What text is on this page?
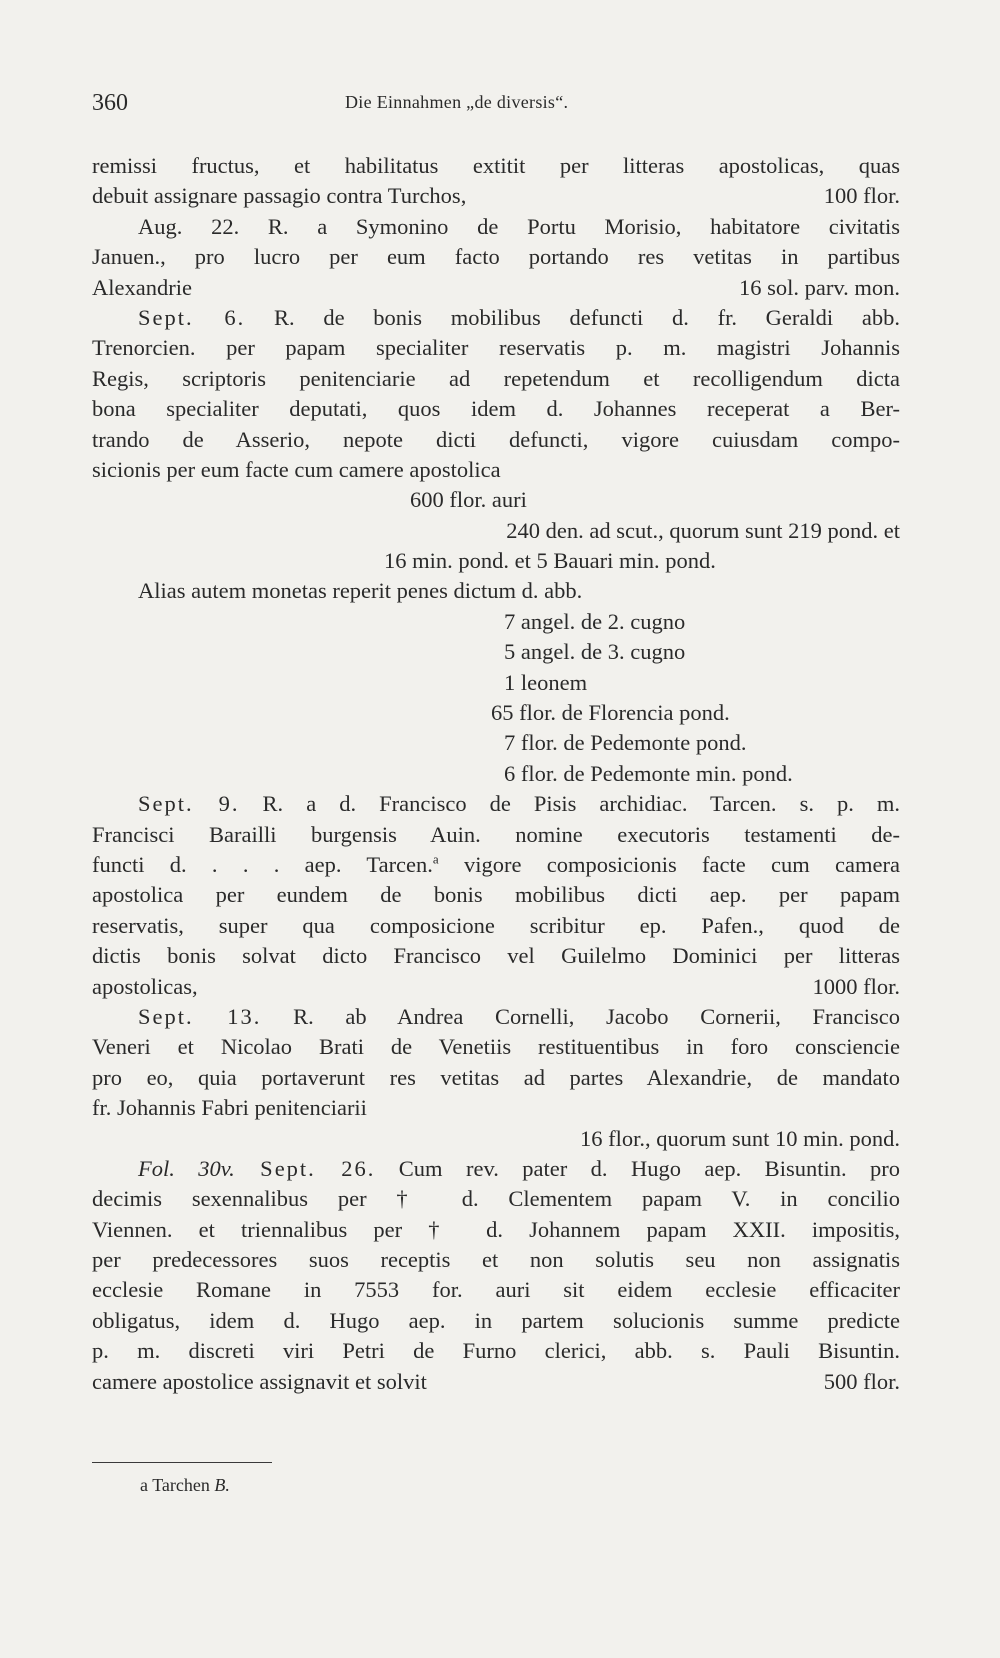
360	Die Einnahmen „de diversis“.
remissi fructus, et habilitatus extitit per litteras apostolicas, quas
debuit assignare passagio contra Turchos,	100 flor.
Aug. 22. R. a Symonino de Portu Morisio, habitatore civitatis
Januen., pro lucro per eum facto portando res vetitas in partibus
Alexandrie	16 sol. parv. mon.
Sept. 6. R. de bonis mobilibus defuncti d. fr. Geraldi abb.
Trenorcien. per papam specialiter reservatis p. m. magistri Johannis
Regis, scriptoris penitenciarie ad repetendum et recolligendum dicta
bona specialiter deputati, quos idem d. Johannes receperat a Ber-
trando de Asserio, nepote dicti defuncti, vigore cuiusdam compo-
sicionis per eum facte cum camere apostolica
600 flor. auri
240 den. ad scut., quorum sunt 219 pond. et
16 min. pond. et 5 Bauari min. pond.
Alias autem monetas reperit penes dictum d. abb.
7 angel. de 2. cugno
5 angel. de 3. cugno
1 leonem
65 flor. de Florencia pond.
7 flor. de Pedemonte pond.
6 flor. de Pedemonte min. pond.
Sept. 9. R. a d. Francisco de Pisis archidiac. Tarcen. s. p. m.
Francisci Barailli burgensis Auin. nomine executoris testamenti de-
functi d. . . . aep. Tarcen.$^a$ vigore composicionis facte cum camera
apostolica per eundem de bonis mobilibus dicti aep. per papam
reservatis, super qua composicione scribitur ep. Pafen., quod de
dictis bonis solvat dicto Francisco vel Guilelmo Dominici per litteras
apostolicas,	1000 flor.
Sept. 13. R. ab Andrea Cornelli, Jacobo Cornerii, Francisco
Veneri et Nicolao Brati de Venetiis restituentibus in foro consciencie
pro eo, quia portaverunt res vetitas ad partes Alexandrie, de mandato
fr. Johannis Fabri penitenciarii
16 flor., quorum sunt 10 min. pond.
Fol. 30v. Sept. 26. Cum rev. pater d. Hugo aep. Bisuntin. pro
decimis sexennalibus per † d. Clementem papam V. in concilio
Viennen. et triennalibus per † d. Johannem papam XXII. impositis,
per predecessores suos receptis et non solutis seu non assignatis
ecclesie Romane in 7553 for. auri sit eidem ecclesie efficaciter
obligatus, idem d. Hugo aep. in partem solucionis summe predicte
p. m. discreti viri Petri de Furno clerici, abb. s. Pauli Bisuntin.
camere apostolice assignavit et solvit	500 flor.
a Tarchen B.
